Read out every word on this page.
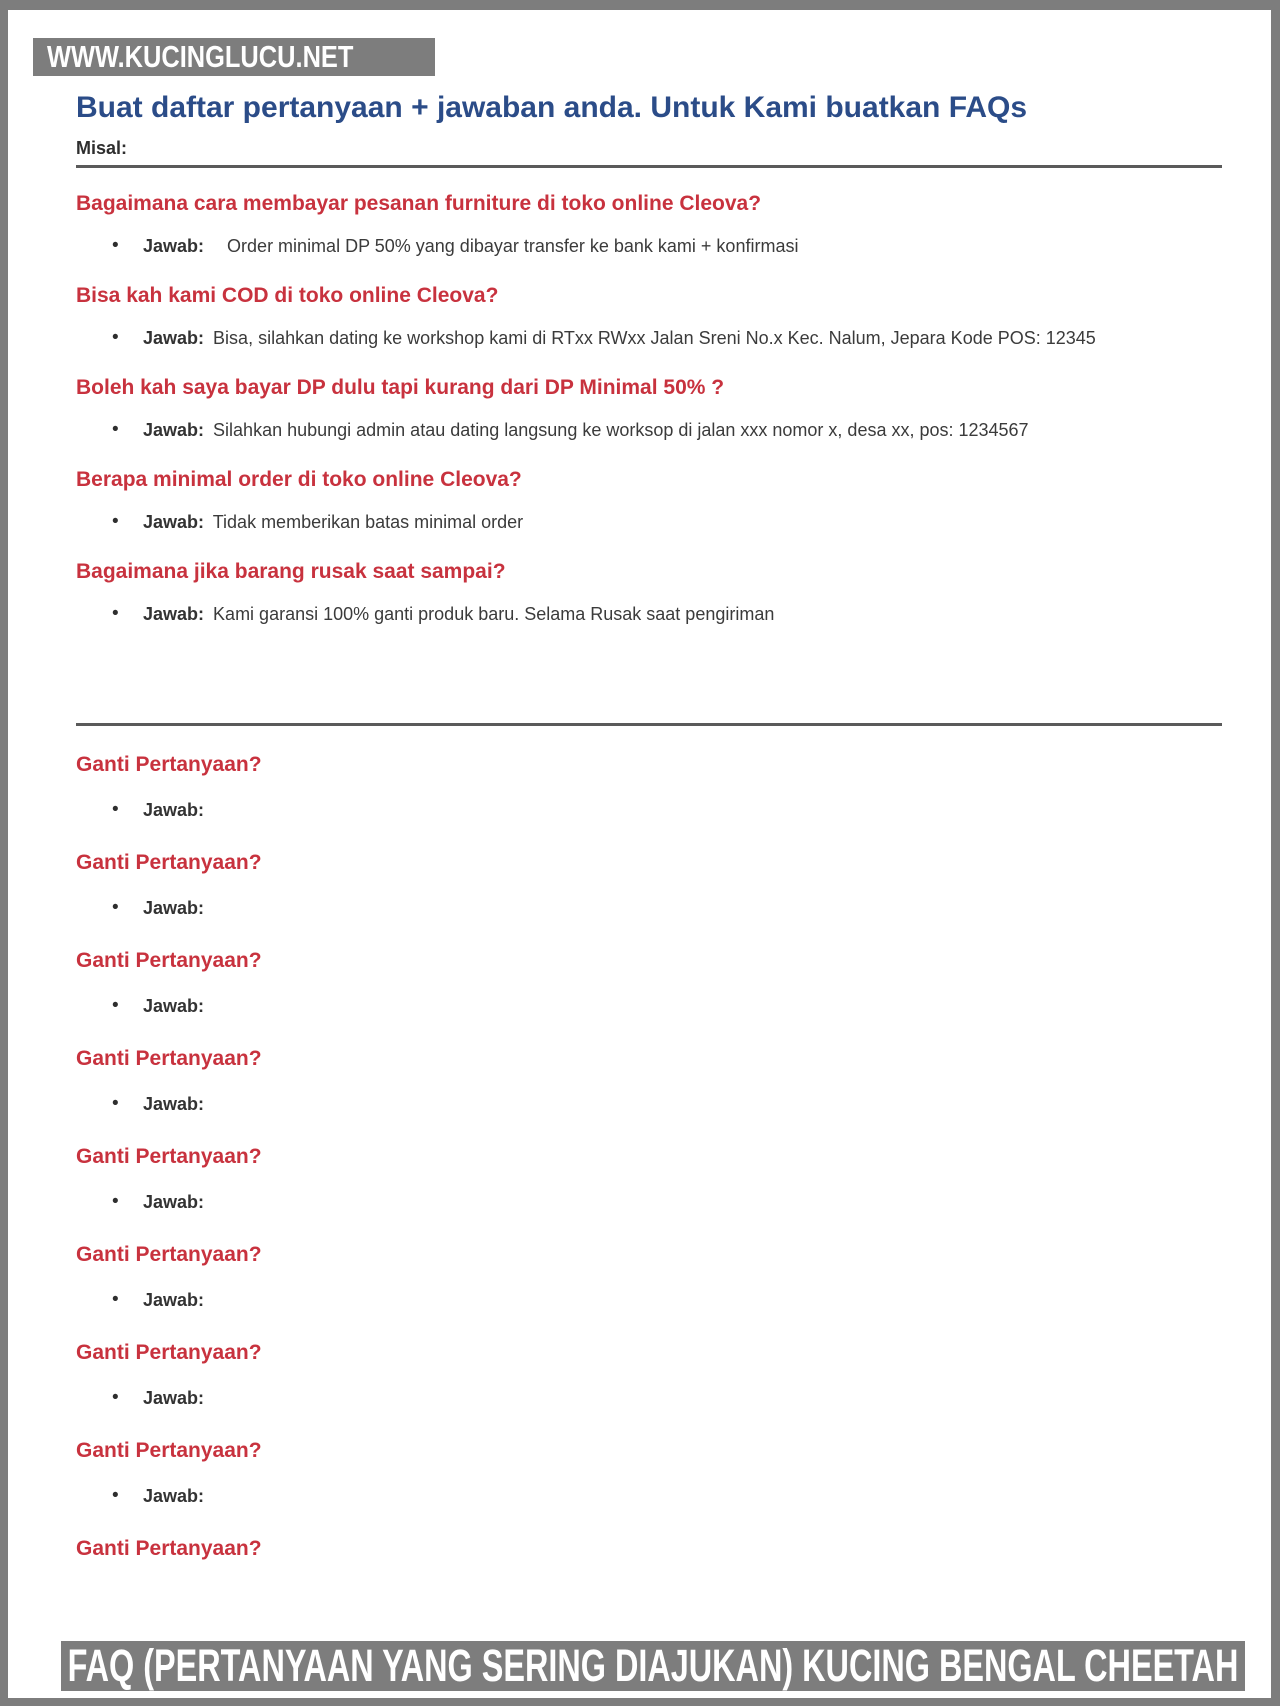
WWW.KUCINGLUCU.NET
Buat daftar pertanyaan + jawaban anda. Untuk Kami buatkan FAQs
Misal:
Bagaimana cara membayar pesanan furniture di toko online Cleova?
• Jawab: Order minimal DP 50% yang dibayar transfer ke bank kami + konfirmasi
Bisa kah kami COD di toko online Cleova?
• Jawab: Bisa, silahkan dating ke workshop kami di RTxx RWxx Jalan Sreni No.x Kec. Nalum, Jepara Kode POS: 12345
Boleh kah saya bayar DP dulu tapi kurang dari DP Minimal 50% ?
• Jawab: Silahkan hubungi admin atau dating langsung ke worksop di jalan xxx nomor x, desa xx, pos: 1234567
Berapa minimal order di toko online Cleova?
• Jawab: Tidak memberikan batas minimal order
Bagaimana jika barang rusak saat sampai?
• Jawab: Kami garansi 100% ganti produk baru. Selama Rusak saat pengiriman
Ganti Pertanyaan?
• Jawab:
Ganti Pertanyaan?
• Jawab:
Ganti Pertanyaan?
• Jawab:
Ganti Pertanyaan?
• Jawab:
Ganti Pertanyaan?
• Jawab:
Ganti Pertanyaan?
• Jawab:
Ganti Pertanyaan?
• Jawab:
Ganti Pertanyaan?
• Jawab:
Ganti Pertanyaan?
FAQ (PERTANYAAN YANG SERING DIAJUKAN) KUCING BENGAL CHEETAH
